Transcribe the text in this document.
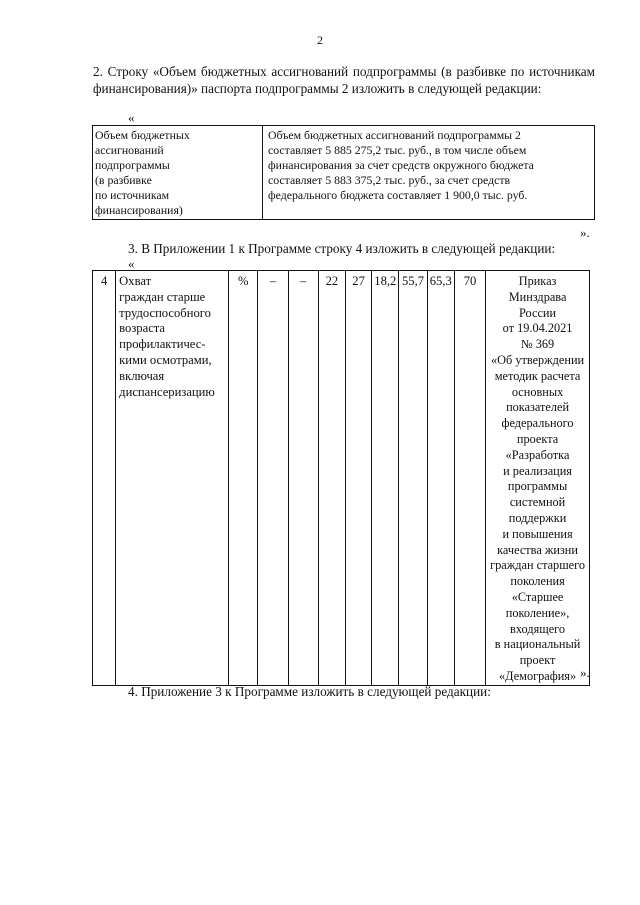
2
2. Строку «Объем бюджетных ассигнований подпрограммы (в разбивке по источникам финансирования)» паспорта подпрограммы 2 изложить в следующей редакции:
«
Объем бюджетных
ассигнований
подпрограммы
(в разбивке
по источникам
финансирования)

Объем бюджетных ассигнований подпрограммы 2
составляет 5 885 275,2 тыс. руб., в том числе объем
финансирования за счет средств окружного бюджета
составляет 5 883 375,2 тыс. руб., за счет средств
федерального бюджета составляет 1 900,0 тыс. руб.
».
3. В Приложении 1 к Программе строку 4 изложить в следующей редакции:
«
4	Охват
граждан старше
трудоспособного
возраста
профилактичес-
кими осмотрами,
включая
диспансеризацию
	%	–	–	22	27	18,2	55,7	65,3	70	Приказ
Минздрава
России
от 19.04.2021
№ 369
«Об утверждении
методик расчета
основных
показателей
федерального
проекта
«Разработка
и реализация
программы
системной
поддержки
и повышения
качества жизни
граждан старшего
поколения
«Старшее
поколение»,
входящего
в национальный
проект
«Демография» ».
4. Приложение 3 к Программе изложить в следующей редакции:
